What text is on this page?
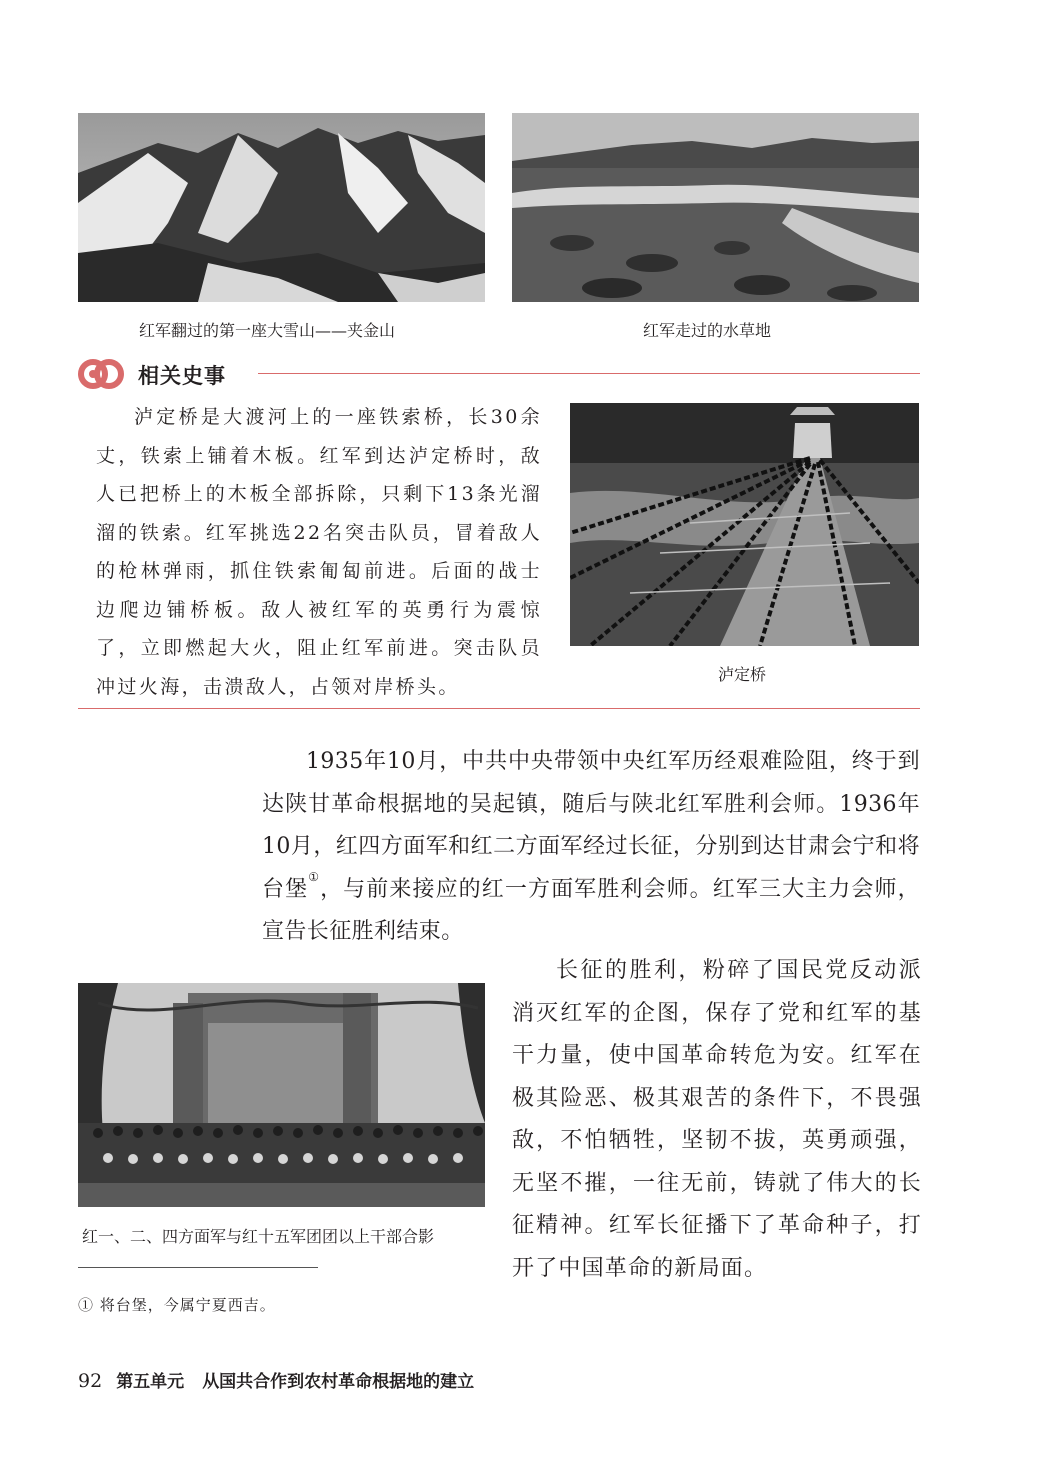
红军翻过的第一座大雪山——夹金山	红军走过的水草地
相关史事

泸定桥是大渡河上的一座铁索桥，长30余丈，铁索上铺着木板。红军到达泸定桥时，敌人已把桥上的木板全部拆除，只剩下13条光溜溜的铁索。红军挑选22名突击队员，冒着敌人的枪林弹雨，抓住铁索匍匐前进。后面的战士边爬边铺桥板。敌人被红军的英勇行为震惊了，立即燃起大火，阻止红军前进。突击队员冲过火海，击溃敌人，占领对岸桥头。

泸定桥

1935年10月，中共中央带领中央红军历经艰难险阻，终于到达陕甘革命根据地的吴起镇，随后与陕北红军胜利会师。1936年10月，红四方面军和红二方面军经过长征，分别到达甘肃会宁和将台堡①，与前来接应的红一方面军胜利会师。红军三大主力会师，宣告长征胜利结束。

红一、二、四方面军与红十五军团团以上干部合影

长征的胜利，粉碎了国民党反动派消灭红军的企图，保存了党和红军的基干力量，使中国革命转危为安。红军在极其险恶、极其艰苦的条件下，不畏强敌，不怕牺牲，坚韧不拔，英勇顽强，无坚不摧，一往无前，铸就了伟大的长征精神。红军长征播下了革命种子，打开了中国革命的新局面。

① 将台堡，今属宁夏西吉。
92 第五单元 从国共合作到农村革命根据地的建立
